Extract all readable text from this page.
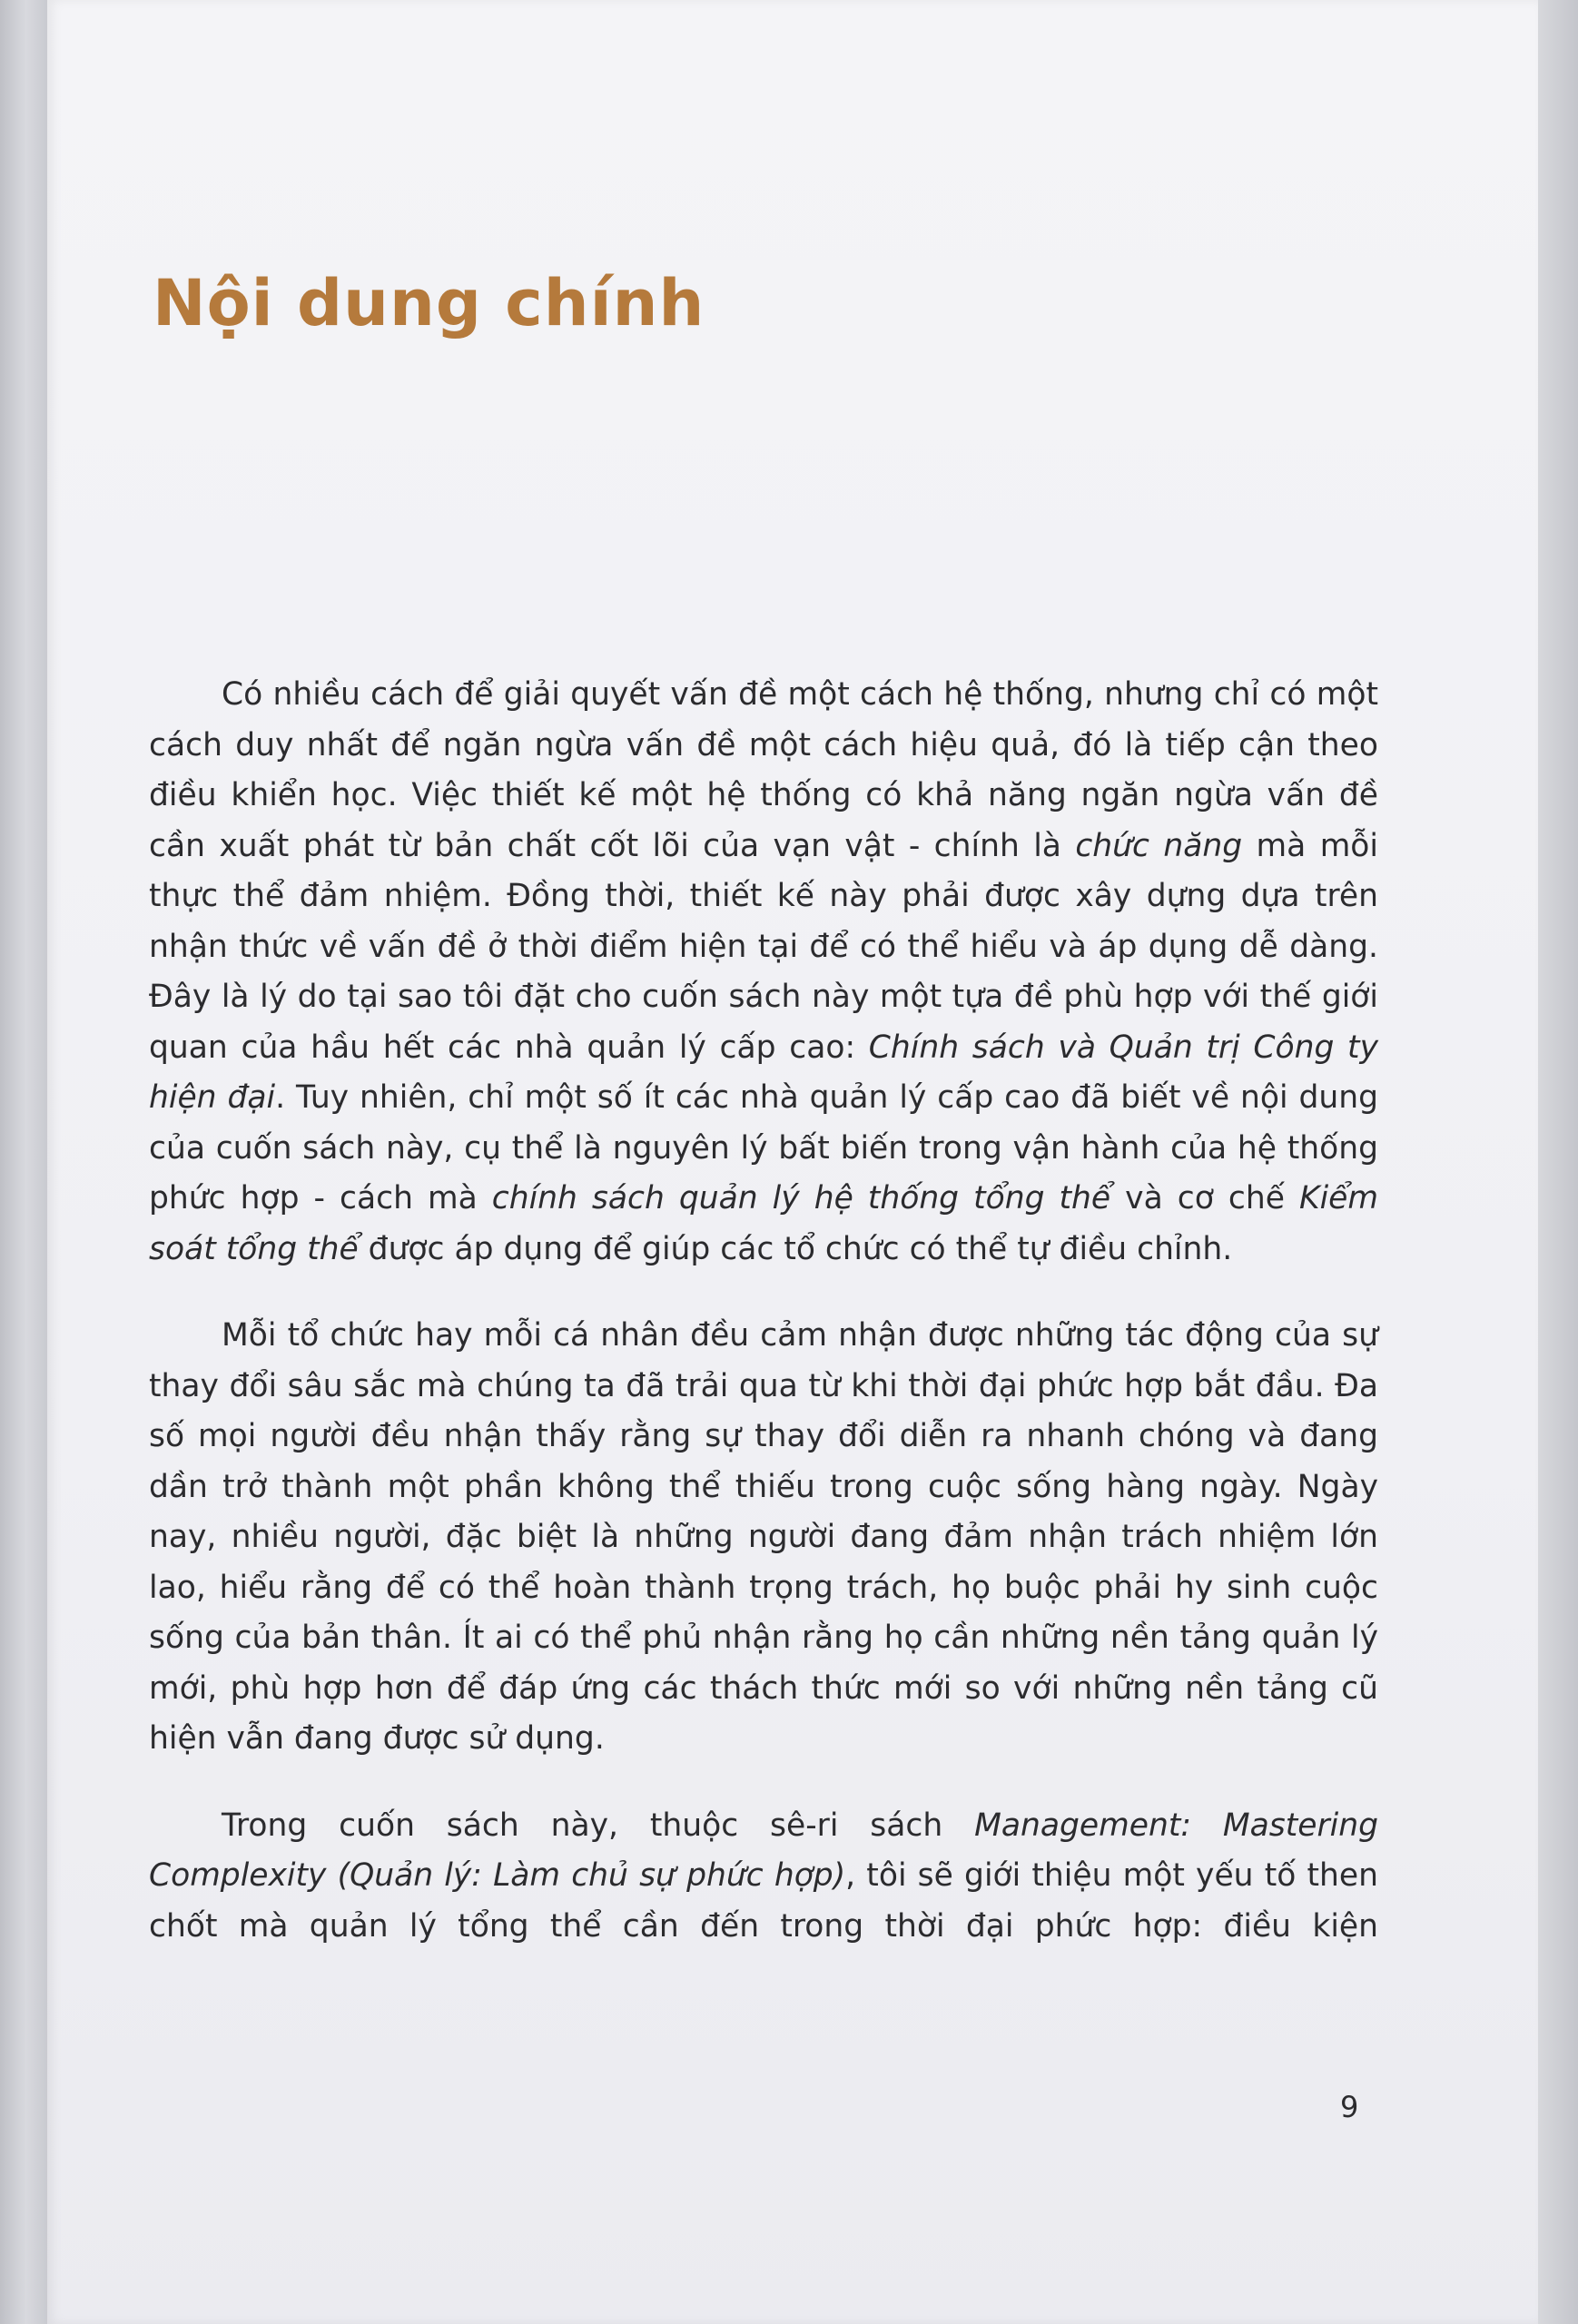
Nội dung chính

Có nhiều cách để giải quyết vấn đề một cách hệ thống, nhưng chỉ có một cách duy nhất để ngăn ngừa vấn đề một cách hiệu quả, đó là tiếp cận theo điều khiển học. Việc thiết kế một hệ thống có khả năng ngăn ngừa vấn đề cần xuất phát từ bản chất cốt lõi của vạn vật - chính là chức năng mà mỗi thực thể đảm nhiệm. Đồng thời, thiết kế này phải được xây dựng dựa trên nhận thức về vấn đề ở thời điểm hiện tại để có thể hiểu và áp dụng dễ dàng. Đây là lý do tại sao tôi đặt cho cuốn sách này một tựa đề phù hợp với thế giới quan của hầu hết các nhà quản lý cấp cao: Chính sách và Quản trị Công ty hiện đại. Tuy nhiên, chỉ một số ít các nhà quản lý cấp cao đã biết về nội dung của cuốn sách này, cụ thể là nguyên lý bất biến trong vận hành của hệ thống phức hợp - cách mà chính sách quản lý hệ thống tổng thể và cơ chế Kiểm soát tổng thể được áp dụng để giúp các tổ chức có thể tự điều chỉnh.

Mỗi tổ chức hay mỗi cá nhân đều cảm nhận được những tác động của sự thay đổi sâu sắc mà chúng ta đã trải qua từ khi thời đại phức hợp bắt đầu. Đa số mọi người đều nhận thấy rằng sự thay đổi diễn ra nhanh chóng và đang dần trở thành một phần không thể thiếu trong cuộc sống hàng ngày. Ngày nay, nhiều người, đặc biệt là những người đang đảm nhận trách nhiệm lớn lao, hiểu rằng để có thể hoàn thành trọng trách, họ buộc phải hy sinh cuộc sống của bản thân. Ít ai có thể phủ nhận rằng họ cần những nền tảng quản lý mới, phù hợp hơn để đáp ứng các thách thức mới so với những nền tảng cũ hiện vẫn đang được sử dụng.

Trong cuốn sách này, thuộc sê-ri sách Management: Mastering Complexity (Quản lý: Làm chủ sự phức hợp), tôi sẽ giới thiệu một yếu tố then chốt mà quản lý tổng thể cần đến trong thời đại phức hợp: điều kiện

9
